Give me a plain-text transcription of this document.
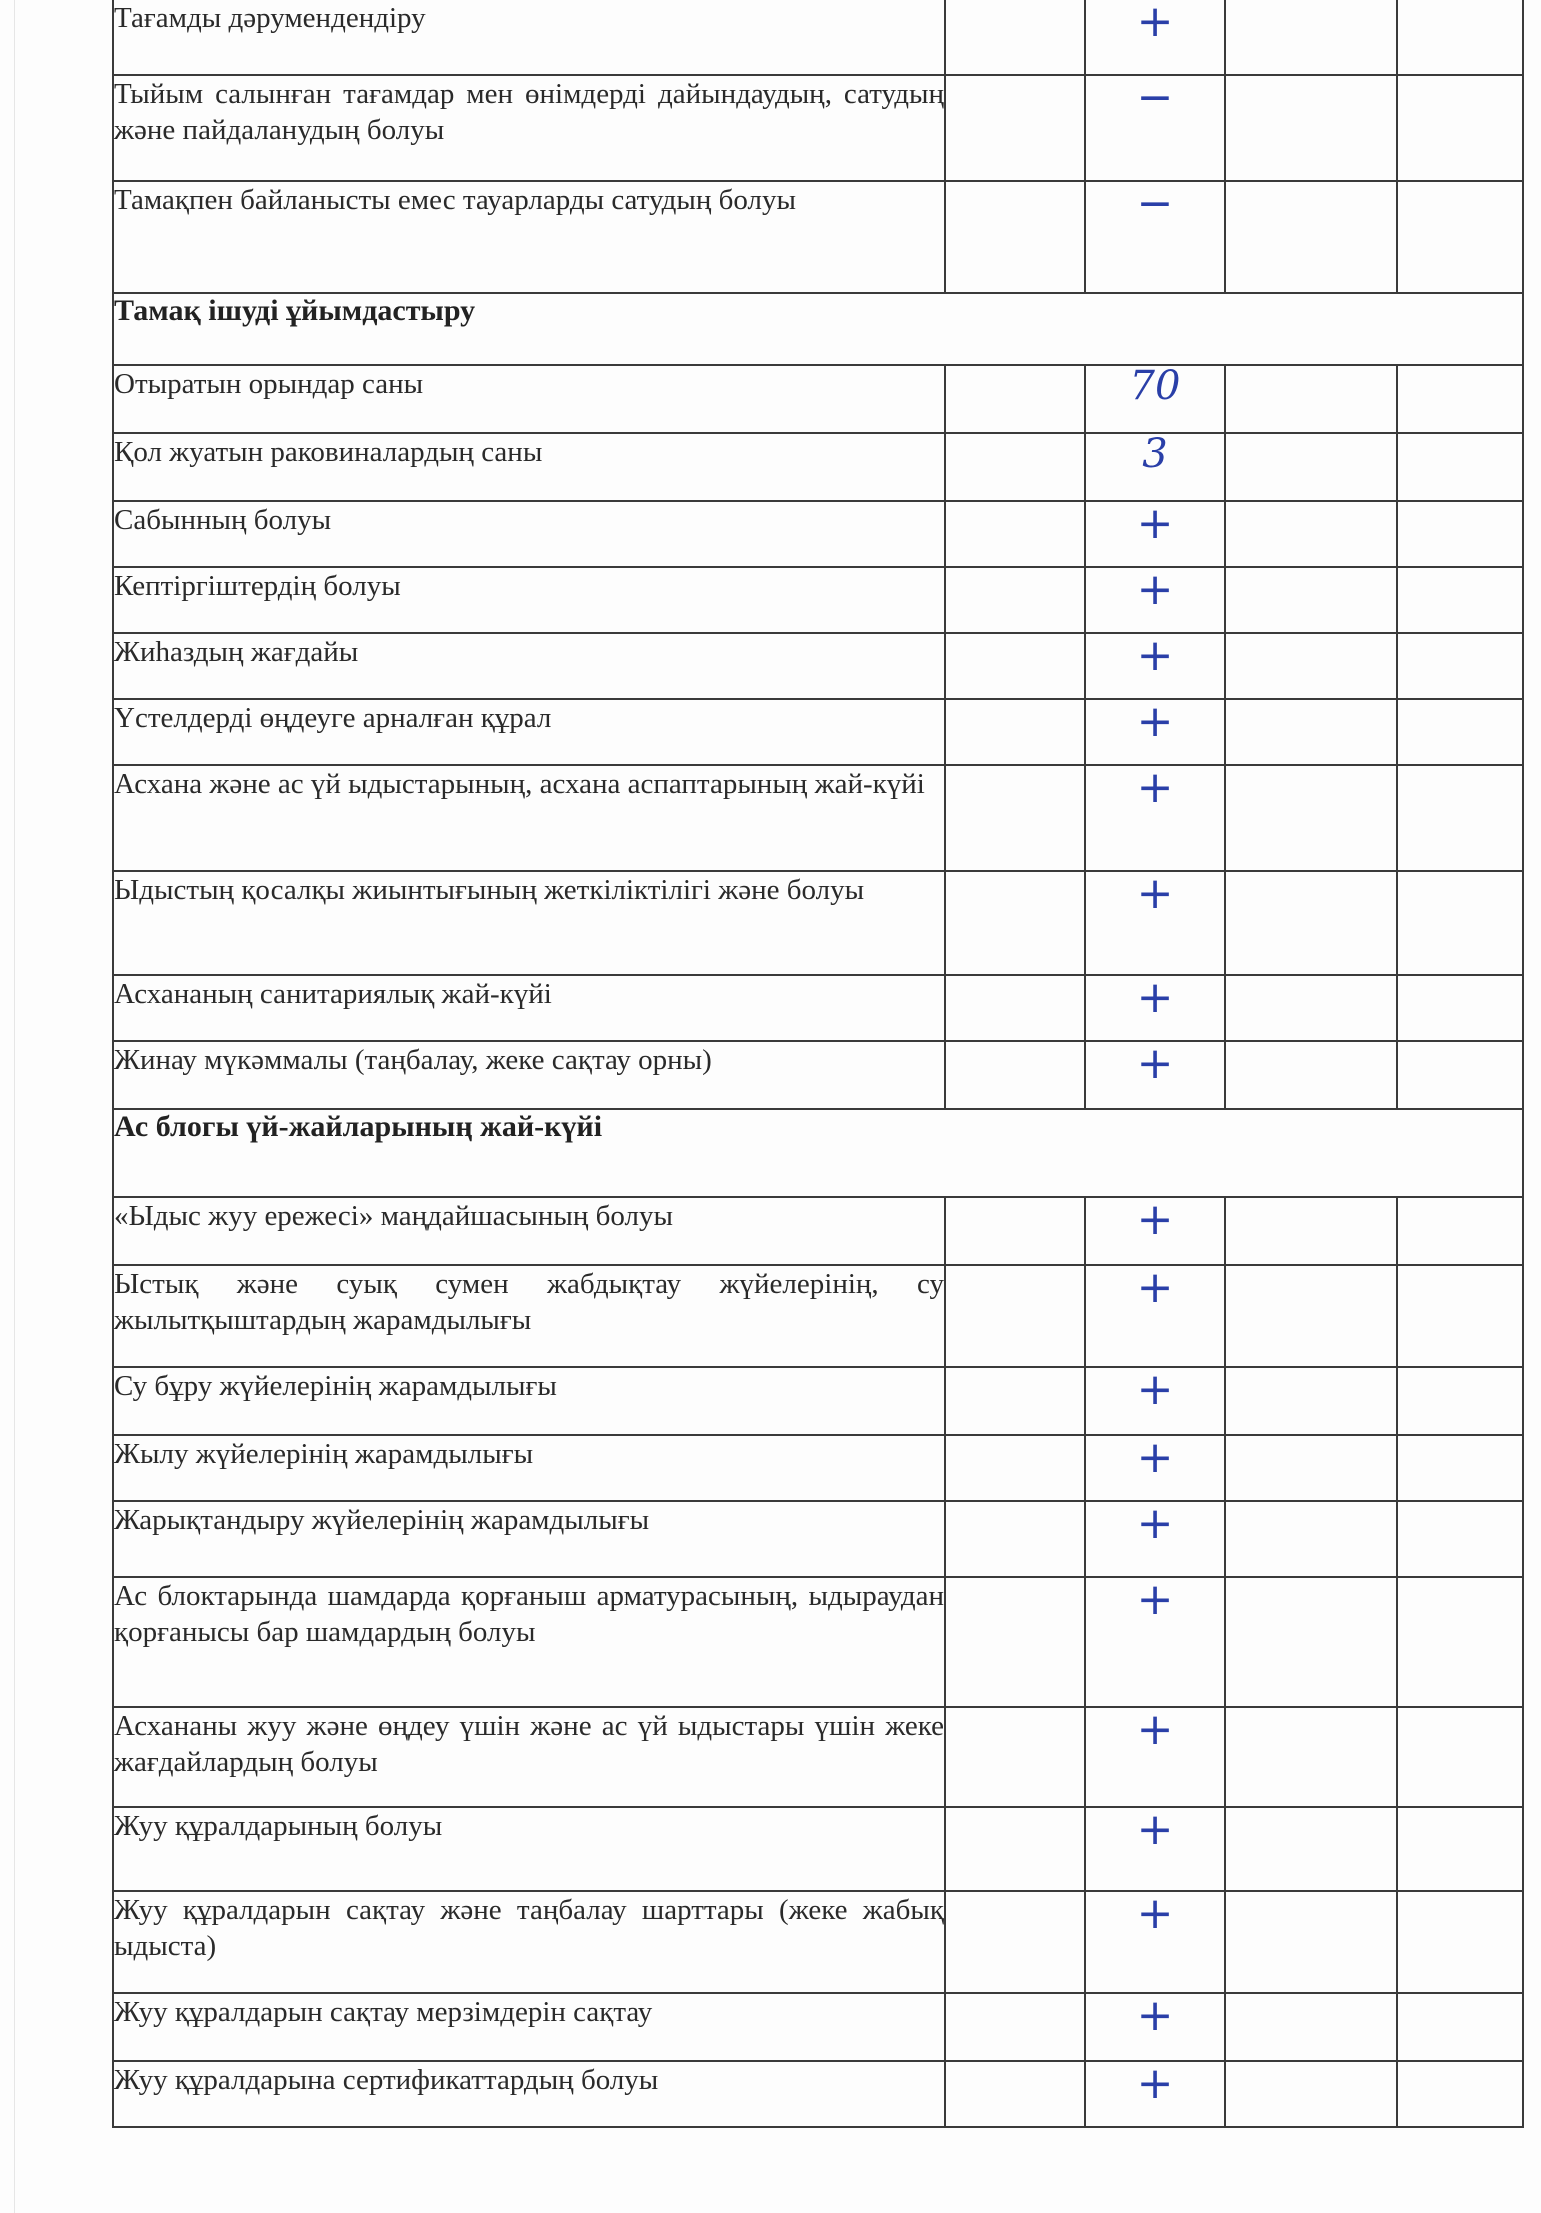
Тағамды дәрумендендіру		+		
Тыйым салынған тағамдар мен өнімдерді дайындаудың, сатудың және пайдаланудың болуы		−		
Тамақпен байланысты емес тауарларды сатудың болуы		−		
Тамақ ішуді ұйымдастыру				
Отыратын орындар саны		70		
Қол жуатын раковиналардың саны		3		
Сабынның болуы		+		
Кептіргіштердің болуы		+		
Жиһаздың жағдайы		+		
Үстелдерді өңдеуге арналған құрал		+		
Асхана және ас үй ыдыстарының, асхана аспаптарының жай-күйі		+		
Ыдыстың қосалқы жиынтығының жеткіліктілігі және болуы		+		
Асхананың санитариялық жай-күйі		+		
Жинау мүкәммалы (таңбалау, жеке сақтау орны)		+		
Ас блогы үй-жайларының жай-күйі				
«Ыдыс жуу ережесі» маңдайшасының болуы		+		
Ыстық және суық сумен жабдықтау жүйелерінің, су жылытқыштардың жарамдылығы		+		
Су бұру жүйелерінің жарамдылығы		+		
Жылу жүйелерінің жарамдылығы		+		
Жарықтандыру жүйелерінің жарамдылығы		+		
Ас блоктарында шамдарда қорғаныш арматурасының, ыдыраудан қорғанысы бар шамдардың болуы		+		
Асхананы жуу және өңдеу үшін және ас үй ыдыстары үшін жеке жағдайлардың болуы		+		
Жуу құралдарының болуы		+		
Жуу құралдарын сақтау және таңбалау шарттары (жеке жабық ыдыста)		+		
Жуу құралдарын сақтау мерзімдерін сақтау		+		
Жуу құралдарына сертификаттардың болуы		+		
